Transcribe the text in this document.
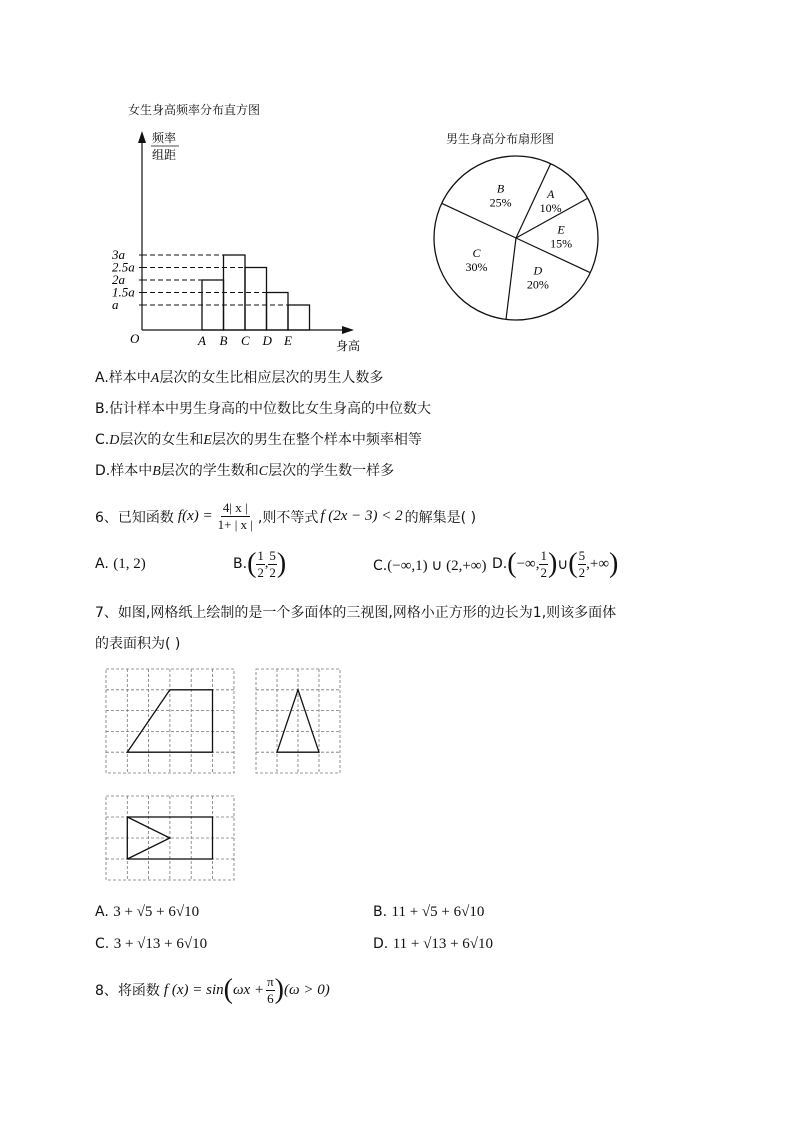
女生身高频率分布直方图
频率
组距
O	身高
3a
2.5a
2a
1.5a
a
A B C D E
男生身高分布扇形图
A
10%
E
15%
D
20%
C
30%
B
25%
A.样本中A层次的女生比相应层次的男生人数多
B.估计样本中男生身高的中位数比女生身高的中位数大
C.D层次的女生和E层次的男生在整个样本中频率相等
D.样本中B层次的学生数和C层次的学生数一样多
6、 已知函数 $f(x) = \frac{4| x |}{1+ | x |}$ ,则不等式 f (2x − 3) < 2 的解集是( )
A. (1, 2)	B. ( 1
2
,
5
2 )	C.(−∞,1) ∪ (2,+∞) D. ( −∞,
1
2 ) ∪ ( 5
2
,+∞ )
7、如图,网格纸上绘制的是一个多面体的三视图,网格小正方形的边长为1,则该多面体
的表面积为( )
A. 3 + √5 + 6√10	B. 11 + √5 + 6√10
C. 3 + √13 + 6√10	D. 11 + √13 + 6√10
8、 将函数 f (x) = sin ( $\omega x + \frac{\pi}{6}$ ) (ω > 0)
